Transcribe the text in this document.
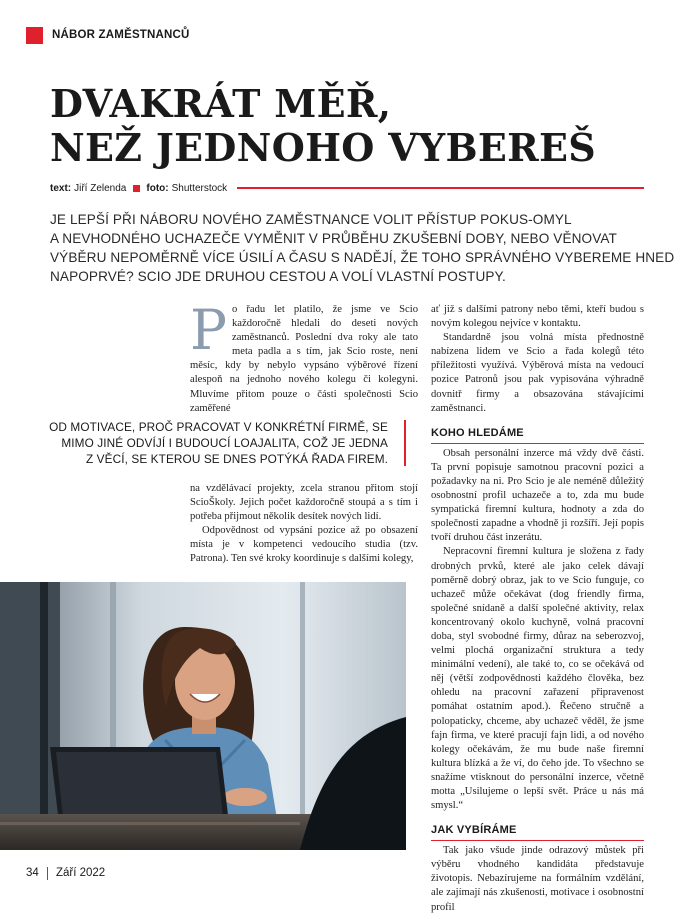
NÁBOR ZAMĚSTNANCŮ
DVAKRÁT MĚŘ,
NEŽ JEDNOHO VYBEREŠ
text: Jiří Zelenda foto: Shutterstock
JE LEPŠÍ PŘI NÁBORU NOVÉHO ZAMĚSTNANCE VOLIT PŘÍSTUP POKUS-OMYL
A NEVHODNÉHO UCHAZEČE VYMĚNIT V PRŮBĚHU ZKUŠEBNÍ DOBY, NEBO VĚNOVAT
VÝBĚRU NEPOMĚRNĚ VÍCE ÚSILÍ A ČASU S NADĚJÍ, ŽE TOHO SPRÁVNÉHO VYBEREME HNED
NAPOPRVÉ? SCIO JDE DRUHOU CESTOU A VOLÍ VLASTNÍ POSTUPY.
P o řadu let platilo, že jsme ve Scio každoročně hledali do deseti nových zaměstnanců. Poslední dva roky ale tato meta padla a s tím, jak Scio roste, není měsíc, kdy by nebylo vypsáno výběrové řízení alespoň na jednoho nového kolegu či kolegyni. Mluvíme přitom pouze o části společnosti Scio zaměřené

OD MOTIVACE, PROČ PRACOVAT V KONKRÉTNÍ FIRMĚ, SE
MIMO JINÉ ODVÍJÍ I BUDOUCÍ LOAJALITA, COŽ JE JEDNA
Z VĚCÍ, SE KTEROU SE DNES POTÝKÁ ŘADA FIREM.

na vzdělávací projekty, zcela stranou přitom stojí ScioŠkoly. Jejich počet každoročně stoupá a s tím i potřeba přijmout několik desítek nových lidí.

Odpovědnost od vypsání pozice až po obsazení místa je v kompetenci vedoucího studia (tzv. Patrona). Ten své kroky koordinuje s dalšími kolegy,

ať již s dalšími patrony nebo těmi, kteří budou s novým kolegou nejvíce v kontaktu.

Standardně jsou volná místa přednostně nabízena lidem ve Scio a řada kolegů této příležitosti využívá. Výběrová místa na vedoucí pozice Patronů jsou pak vypisována výhradně dovnitř firmy a obsazována stávajícími zaměstnanci.

KOHO HLEDÁME

Obsah personální inzerce má vždy dvě části. Ta první popisuje samotnou pracovní pozici a požadavky na ni. Pro Scio je ale neméně důležitý osobnostní profil uchazeče a to, zda mu bude sympatická firemní kultura, hodnoty a zda do společnosti zapadne a vhodně ji rozšíří. Její popis tvoří druhou část inzerátu.

Nepracovní firemní kultura je složena z řady drobných prvků, které ale jako celek dávají poměrně dobrý obraz, jak to ve Scio funguje, co uchazeč může očekávat (dog friendly firma, společné snídaně a další společné aktivity, relax koncentrovaný okolo kuchyně, volná pracovní doba, styl svobodné firmy, důraz na seberozvoj, velmi plochá organizační struktura a tedy minimální vedení), ale také to, co se očekává od něj (větší zodpovědnosti každého člověka, bez ohledu na pracovní zařazení připravenost pomáhat ostatním apod.). Řečeno stručně a polopaticky, chceme, aby uchazeč věděl, že jsme fajn firma, ve které pracují fajn lidi, a od nového kolegy očekávám, že mu bude naše firemní kultura blízká a že ví, do čeho jde. To všechno se snažíme vtisknout do personální inzerce, včetně motta „Usilujeme o lepší svět. Práce u nás má smysl.“

JAK VYBÍRÁME

Tak jako všude jinde odrazový můstek při výběru vhodného kandidáta představuje životopis. Nebazírujeme na formálním vzdělání, ale zajímají nás zkušenosti, motivace i osobnostní profil

34 Září 2022
